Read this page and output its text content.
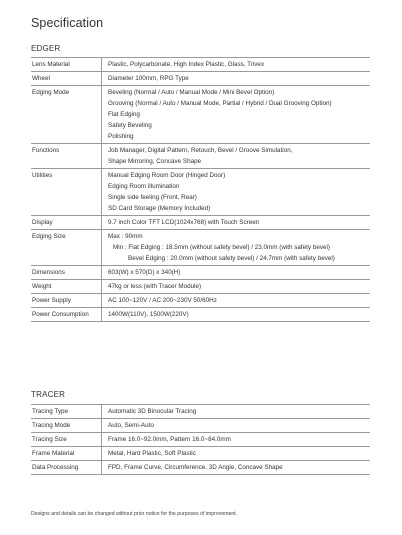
Specification
EDGER
Lens Material	Plastic, Polycarbonate, High Index Plastic, Glass, Trivex

Wheel	Diameter 100mm, RPG Type

Edging Mode	Beveling (Normal / Auto / Manual Mode / Mini Bevel Option)
Grooving (Normal / Auto / Manual Mode, Partial / Hybrid / Dual Grooving Option)
Flat Edging
Safety Beveling
Polishing

Functions	Job Manager, Digital Pattern, Retouch, Bevel / Groove Simulation,
Shape Mirroring, Concave Shape

Utilities	Manual Edging Room Door (Hinged Door)
Edging Room illumination
Single side feeling (Front, Rear)
SD Card Storage (Memory Included)

Display	9.7 inch Color TFT LCD(1024x768) with Touch Screen

Edging Size	Max : 90mm
Min : Flat Edging : 18.5mm (without safety bevel) / 23.0mm (with safety bevel)
Bevel Edging : 20.0mm (without safety bevel) / 24.7mm (with safety bevel)

Dimensions	603(W) x 570(D) x 340(H)

Weight	47kg or less (with Tracer Module)

Power Supply	AC 100~120V / AC 200~230V 50/60Hz

Power Consumption	1400W(110V), 1500W(220V)
TRACER
Tracing Type	Automatic 3D Binocular Tracing

Tracing Mode	Auto, Semi-Auto

Tracing Size	Frame 16.0~92.0mm, Pattern 16.0~84.0mm

Frame Material	Metal, Hard Plastic, Soft Plastic

Data Processing	FPD, Frame Curve, Circumference, 3D Angle, Concave Shape
Designs and details can be changed without prior notice for the purposes of improvement.
